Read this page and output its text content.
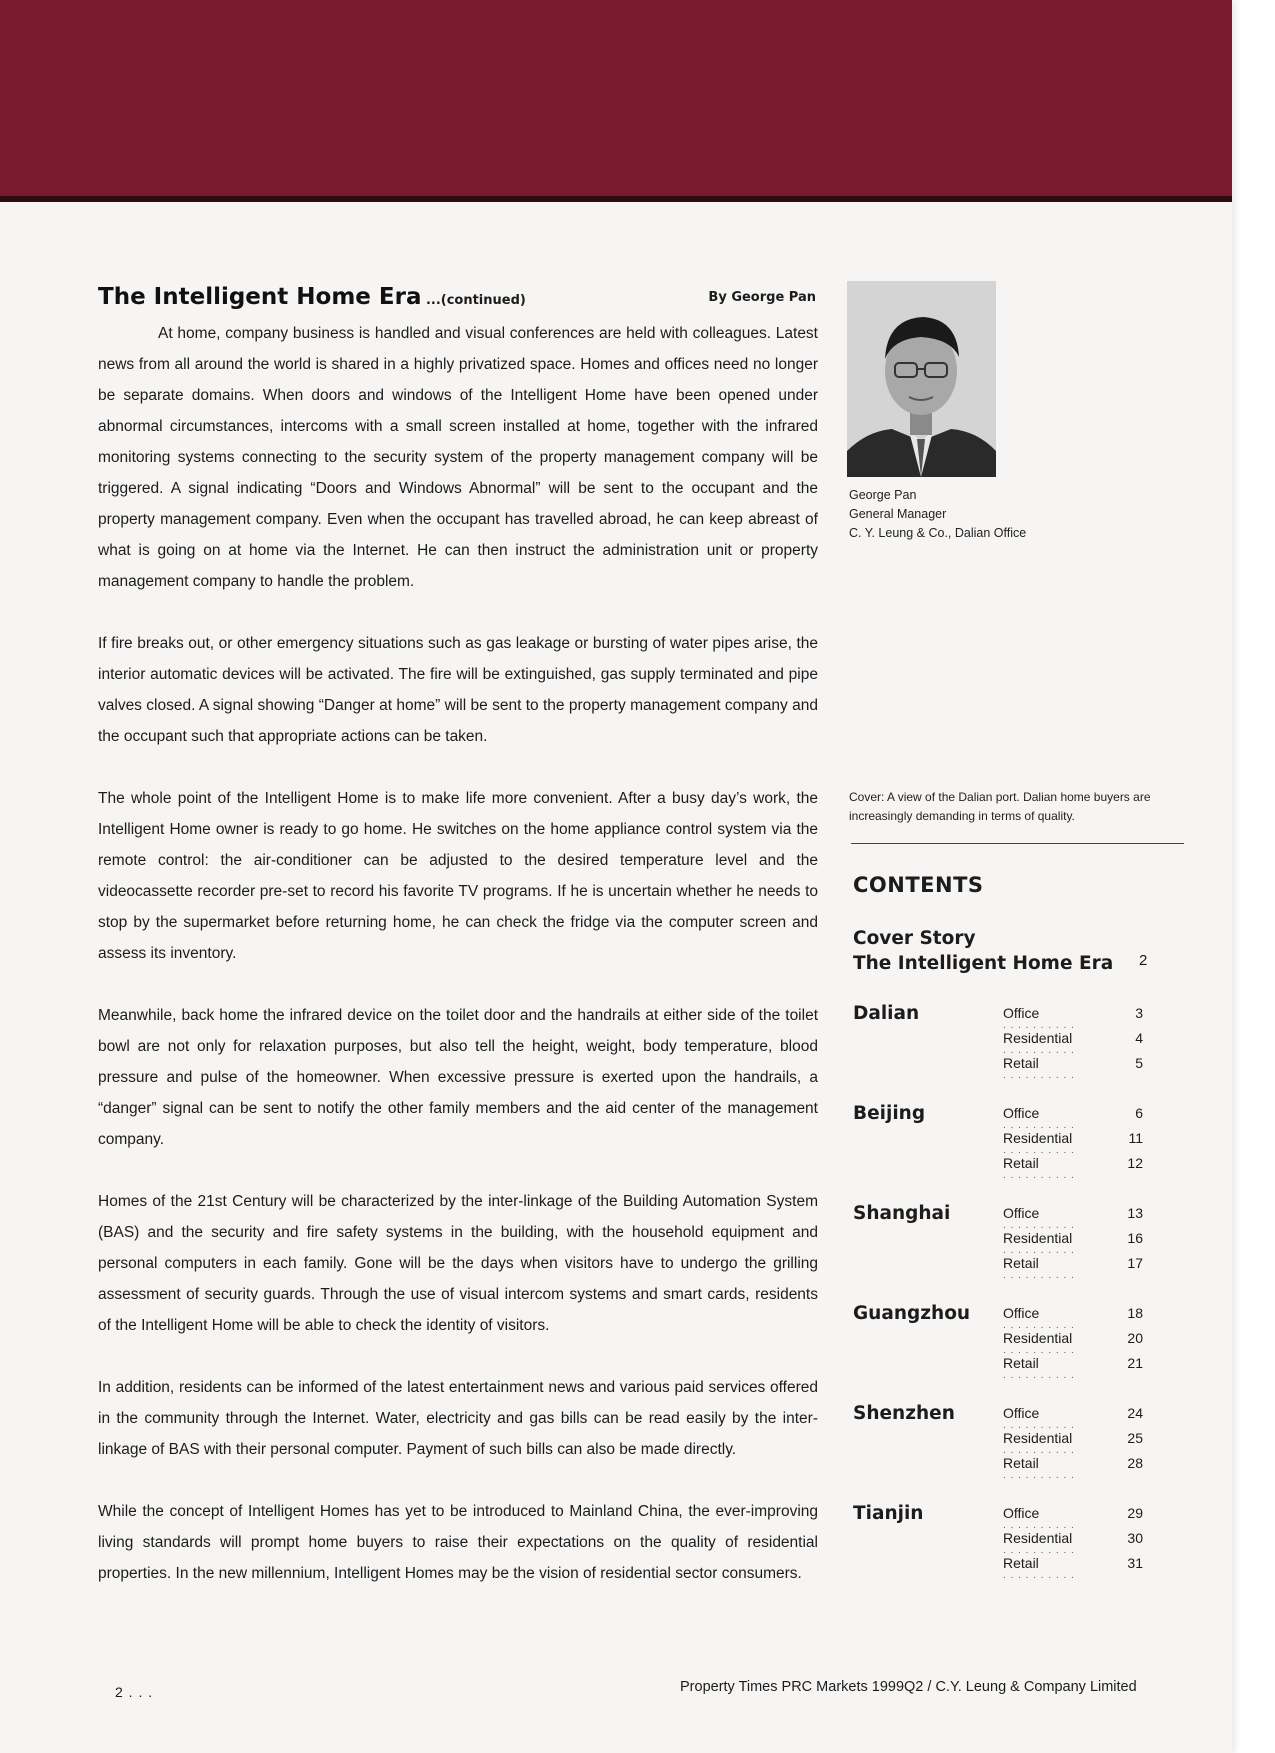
The Intelligent Home Era ...(continued)	By George Pan

At home, company business is handled and visual conferences are held with colleagues. Latest news from all around the world is shared in a highly privatized space. Homes and offices need no longer be separate domains. When doors and windows of the Intelligent Home have been opened under abnormal circumstances, intercoms with a small screen installed at home, together with the infrared monitoring systems connecting to the security system of the property management company will be triggered. A signal indicating “Doors and Windows Abnormal” will be sent to the occupant and the property management company. Even when the occupant has travelled abroad, he can keep abreast of what is going on at home via the Internet. He can then instruct the administration unit or property management company to handle the problem.

If fire breaks out, or other emergency situations such as gas leakage or bursting of water pipes arise, the interior automatic devices will be activated. The fire will be extinguished, gas supply terminated and pipe valves closed. A signal showing “Danger at home” will be sent to the property management company and the occupant such that appropriate actions can be taken.

The whole point of the Intelligent Home is to make life more convenient. After a busy day’s work, the Intelligent Home owner is ready to go home. He switches on the home appliance control system via the remote control: the air-conditioner can be adjusted to the desired temperature level and the videocassette recorder pre-set to record his favorite TV programs. If he is uncertain whether he needs to stop by the supermarket before returning home, he can check the fridge via the computer screen and assess its inventory.

Meanwhile, back home the infrared device on the toilet door and the handrails at either side of the toilet bowl are not only for relaxation purposes, but also tell the height, weight, body temperature, blood pressure and pulse of the homeowner. When excessive pressure is exerted upon the handrails, a “danger” signal can be sent to notify the other family members and the aid center of the management company.

Homes of the 21st Century will be characterized by the inter-linkage of the Building Automation System (BAS) and the security and fire safety systems in the building, with the household equipment and personal computers in each family. Gone will be the days when visitors have to undergo the grilling assessment of security guards. Through the use of visual intercom systems and smart cards, residents of the Intelligent Home will be able to check the identity of visitors.

In addition, residents can be informed of the latest entertainment news and various paid services offered in the community through the Internet. Water, electricity and gas bills can be read easily by the inter-linkage of BAS with their personal computer. Payment of such bills can also be made directly.

While the concept of Intelligent Homes has yet to be introduced to Mainland China, the ever-improving living standards will prompt home buyers to raise their expectations on the quality of residential properties. In the new millennium, Intelligent Homes may be the vision of residential sector consumers.

George Pan
General Manager
C. Y. Leung & Co., Dalian Office
Cover: A view of the Dalian port. Dalian home buyers are increasingly demanding in terms of quality.
CONTENTS
Cover Story
The Intelligent Home Era	2
Dalian	Office . . .	3
Residential . . .	4
Retail . . .	5
Beijing	Office . . .	6
Residential . . .	11
Retail . . .	12
Shanghai	Office . . .	13
Residential . . .	16
Retail . . .	17
Guangzhou Office . . .	18
Residential . . .	20
Retail . . .	21
Shenzhen	Office . . .	24
Residential . . .	25
Retail . . .	28
Tianjin	Office . . .	29
Residential . . .	30
Retail . . .	31
2 . . .	Property Times PRC Markets 1999Q2 / C.Y. Leung & Company Limited
